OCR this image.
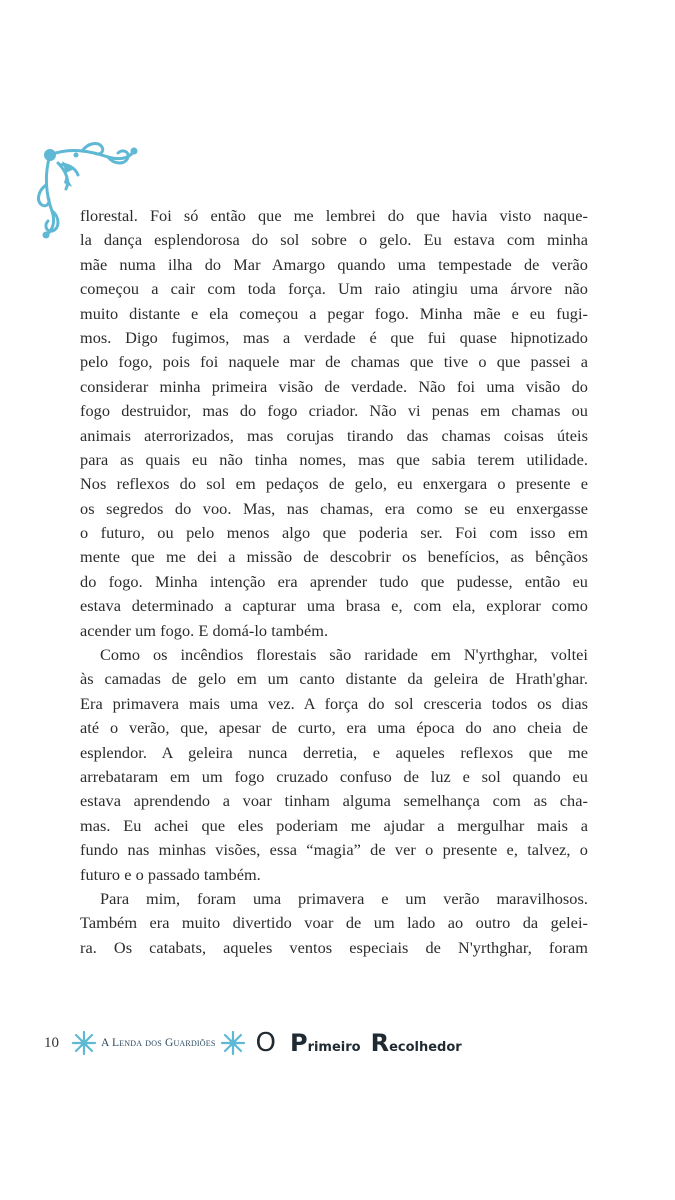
florestal. Foi só então que me lembrei do que havia visto naque-
la dança esplendorosa do sol sobre o gelo. Eu estava com minha
mãe numa ilha do Mar Amargo quando uma tempestade de verão
começou a cair com toda força. Um raio atingiu uma árvore não
muito distante e ela começou a pegar fogo. Minha mãe e eu fugi-
mos. Digo fugimos, mas a verdade é que fui quase hipnotizado
pelo fogo, pois foi naquele mar de chamas que tive o que passei a
considerar minha primeira visão de verdade. Não foi uma visão do
fogo destruidor, mas do fogo criador. Não vi penas em chamas ou
animais aterrorizados, mas corujas tirando das chamas coisas úteis
para as quais eu não tinha nomes, mas que sabia terem utilidade.
Nos reflexos do sol em pedaços de gelo, eu enxergara o presente e
os segredos do voo. Mas, nas chamas, era como se eu enxergasse
o futuro, ou pelo menos algo que poderia ser. Foi com isso em
mente que me dei a missão de descobrir os benefícios, as bênçãos
do fogo. Minha intenção era aprender tudo que pudesse, então eu
estava determinado a capturar uma brasa e, com ela, explorar como
acender um fogo. E domá-lo também.
Como os incêndios florestais são raridade em N'yrthghar, voltei
às camadas de gelo em um canto distante da geleira de Hrath'ghar.
Era primavera mais uma vez. A força do sol cresceria todos os dias
até o verão, que, apesar de curto, era uma época do ano cheia de
esplendor. A geleira nunca derretia, e aqueles reflexos que me
arrebataram em um fogo cruzado confuso de luz e sol quando eu
estava aprendendo a voar tinham alguma semelhança com as cha-
mas. Eu achei que eles poderiam me ajudar a mergulhar mais a
fundo nas minhas visões, essa “magia” de ver o presente e, talvez, o
futuro e o passado também.
Para mim, foram uma primavera e um verão maravilhosos.
Também era muito divertido voar de um lado ao outro da gelei-
ra. Os catabats, aqueles ventos especiais de N'yrthghar, foram
10	A Lenda dos Guardiões O P rimeiro R ecolhedor
